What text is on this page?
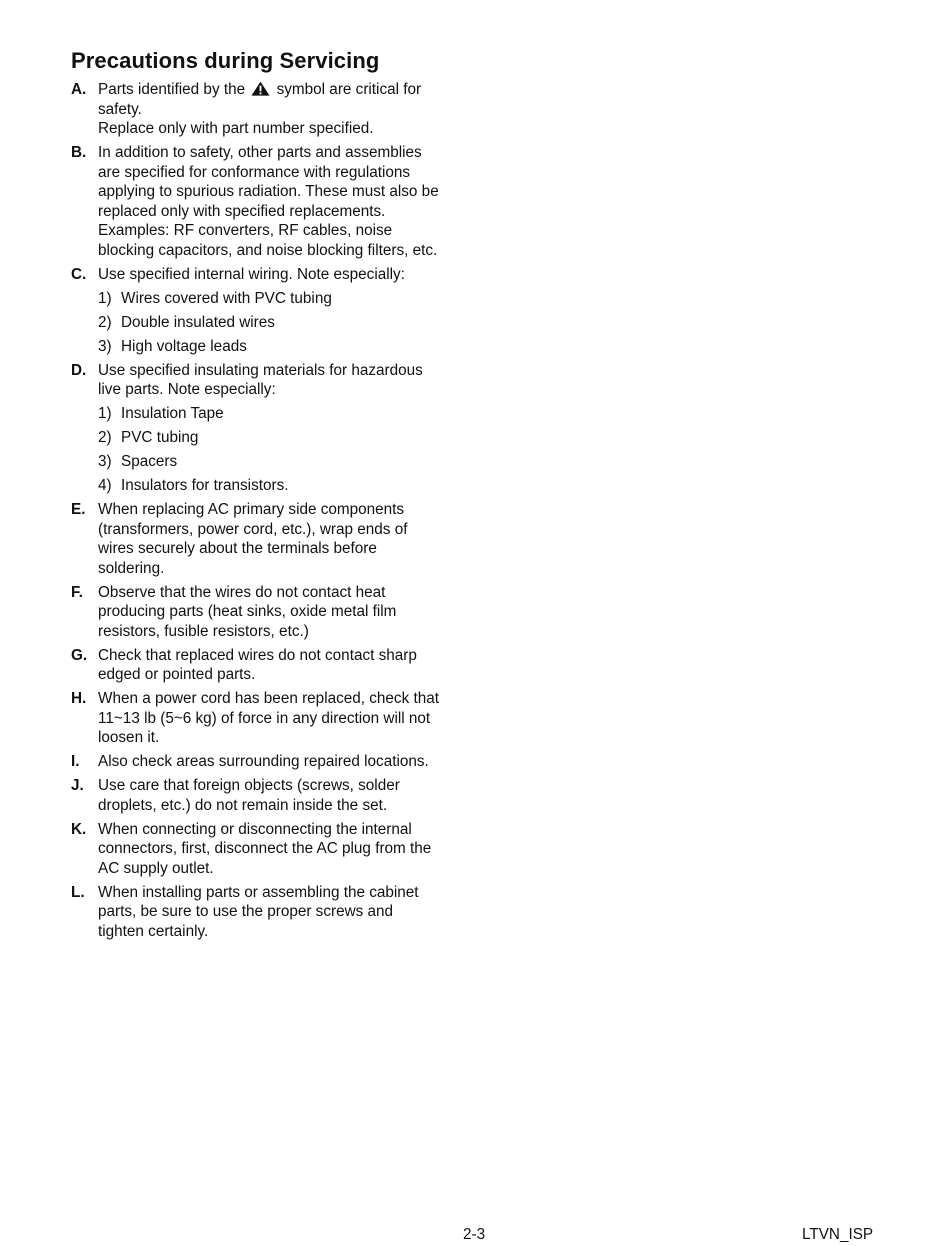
Precautions during Servicing
A. Parts identified by the symbol are critical for
safety.
Replace only with part number specified.
B. In addition to safety, other parts and assemblies
are specified for conformance with regulations
applying to spurious radiation. These must also be
replaced only with specified replacements.
Examples: RF converters, RF cables, noise
blocking capacitors, and noise blocking filters, etc.
C. Use specified internal wiring. Note especially:
1) Wires covered with PVC tubing
2) Double insulated wires
3) High voltage leads
D. Use specified insulating materials for hazardous
live parts. Note especially:
1) Insulation Tape
2) PVC tubing
3) Spacers
4) Insulators for transistors.
E. When replacing AC primary side components
(transformers, power cord, etc.), wrap ends of
wires securely about the terminals before
soldering.
F. Observe that the wires do not contact heat
producing parts (heat sinks, oxide metal film
resistors, fusible resistors, etc.)
G. Check that replaced wires do not contact sharp
edged or pointed parts.
H. When a power cord has been replaced, check that
11~13 lb (5~6 kg) of force in any direction will not
loosen it.
I. Also check areas surrounding repaired locations.
J. Use care that foreign objects (screws, solder
droplets, etc.) do not remain inside the set.
K. When connecting or disconnecting the internal
connectors, first, disconnect the AC plug from the
AC supply outlet.
L. When installing parts or assembling the cabinet
parts, be sure to use the proper screws and
tighten certainly.
2-3	LTVN_ISP
